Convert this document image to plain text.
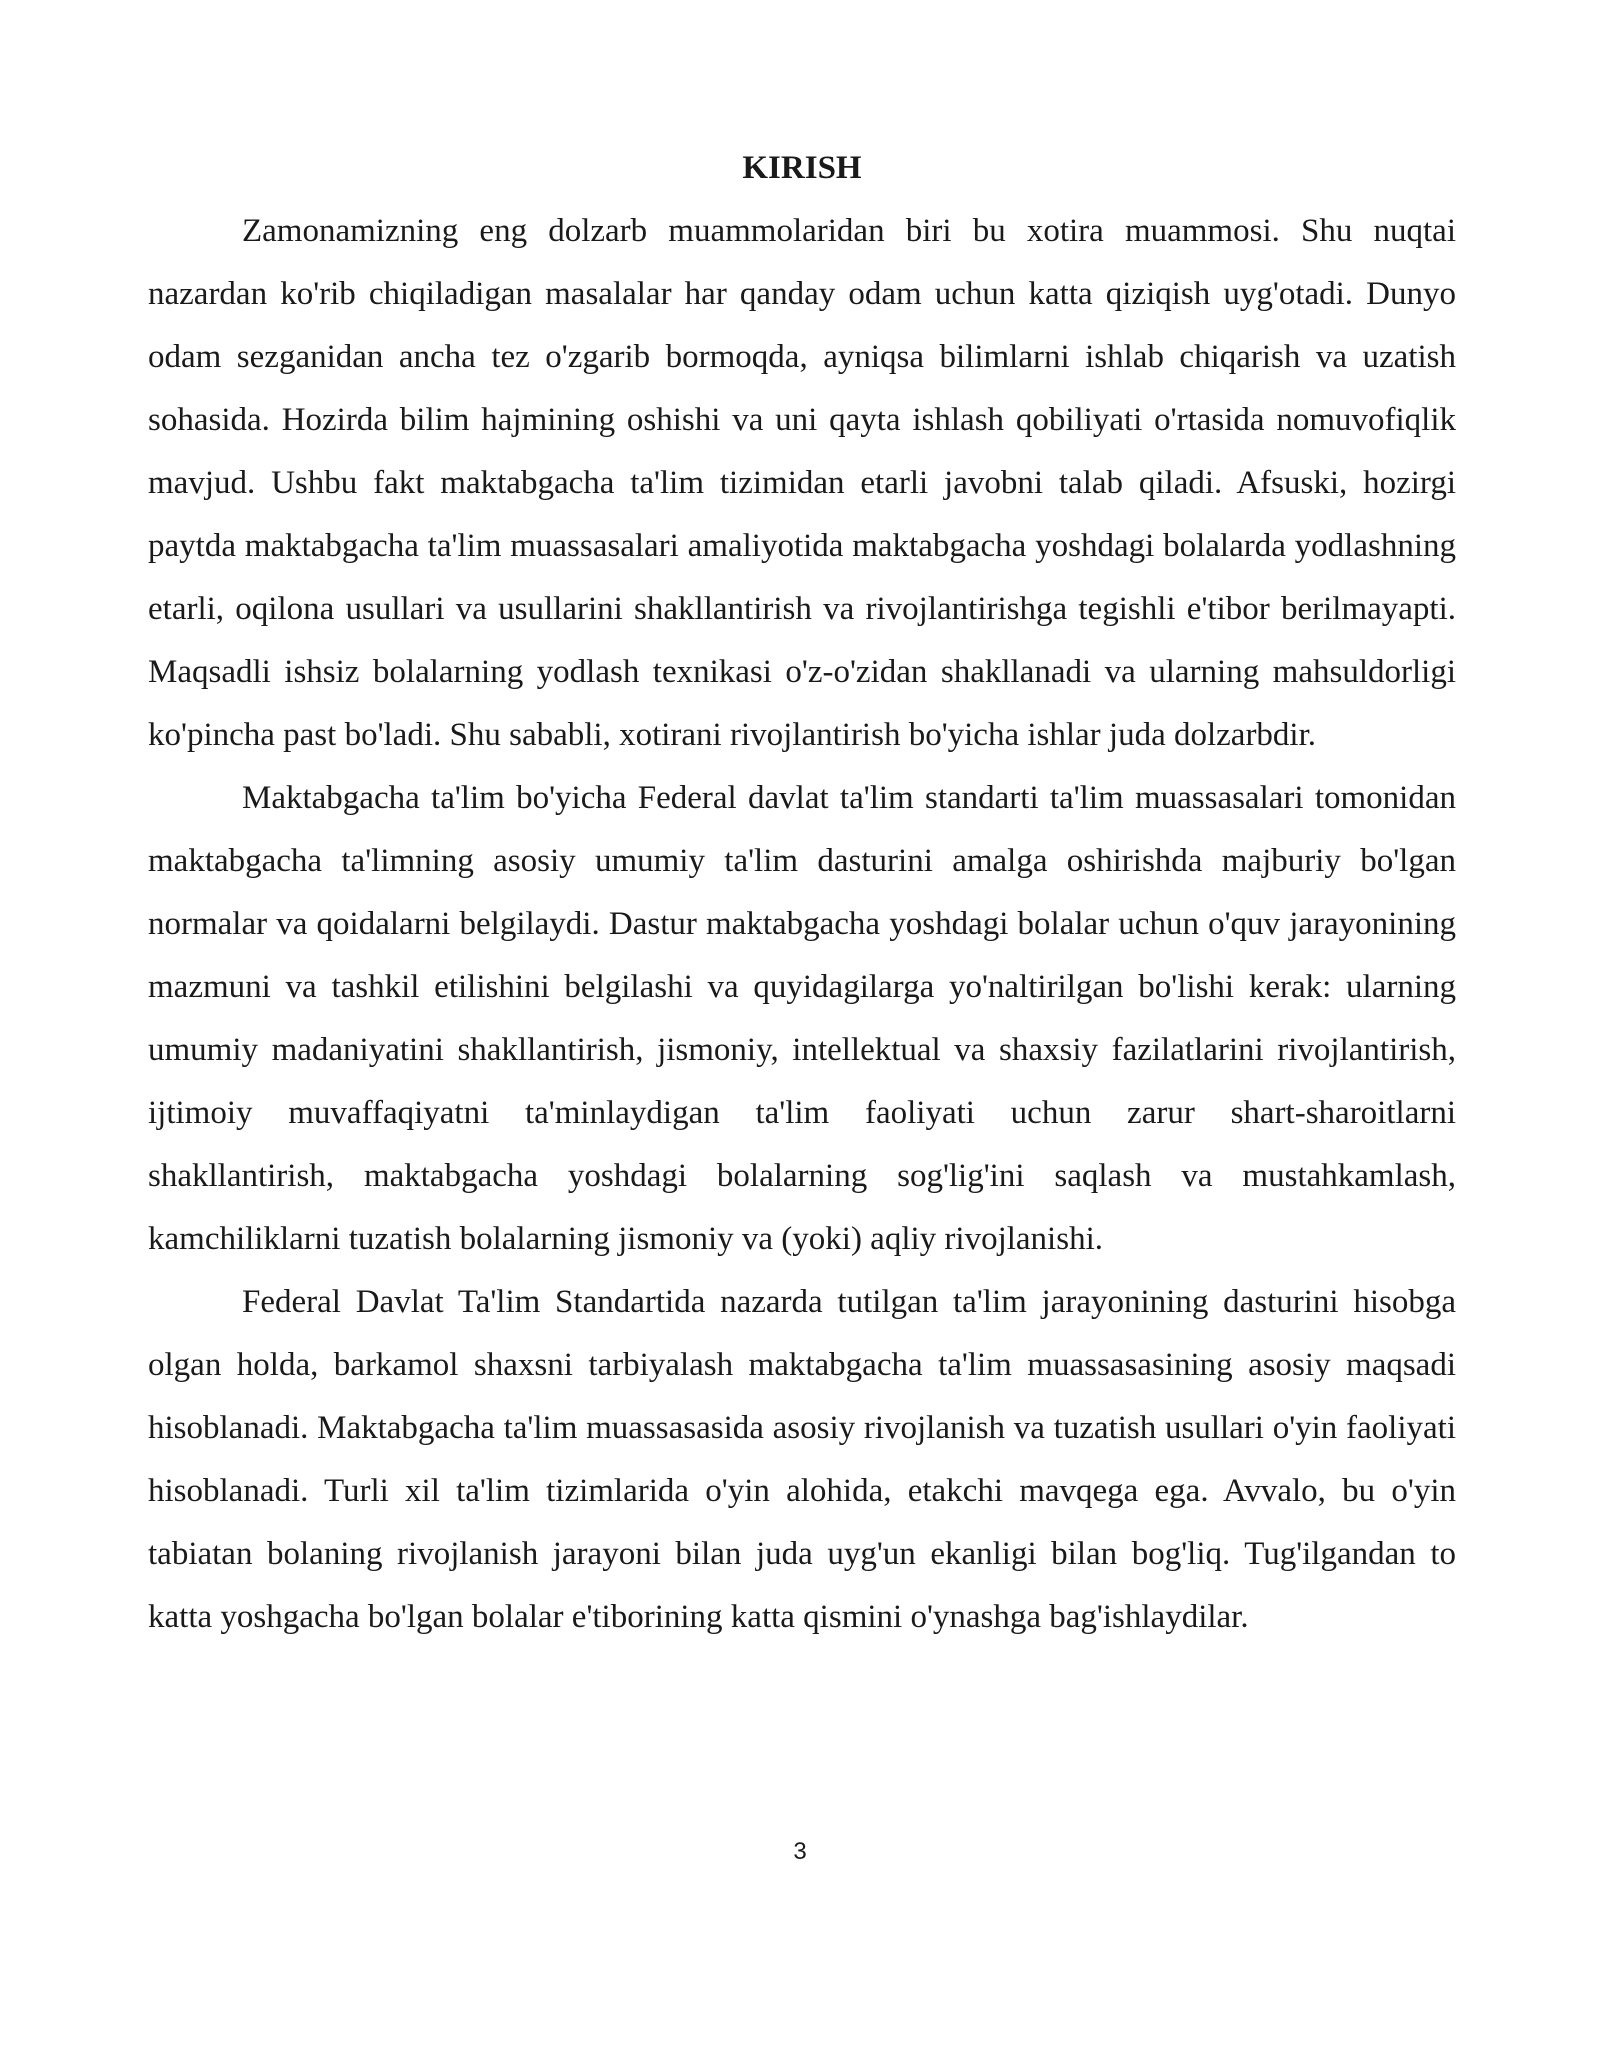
KIRISH

Zamonamizning eng dolzarb muammolaridan biri bu xotira muammosi. Shu nuqtai nazardan ko'rib chiqiladigan masalalar har qanday odam uchun katta qiziqish uyg'otadi. Dunyo odam sezganidan ancha tez o'zgarib bormoqda, ayniqsa bilimlarni ishlab chiqarish va uzatish sohasida. Hozirda bilim hajmining oshishi va uni qayta ishlash qobiliyati o'rtasida nomuvofiqlik mavjud. Ushbu fakt maktabgacha ta'lim tizimidan etarli javobni talab qiladi. Afsuski, hozirgi paytda maktabgacha ta'lim muassasalari amaliyotida maktabgacha yoshdagi bolalarda yodlashning etarli, oqilona usullari va usullarini shakllantirish va rivojlantirishga tegishli e'tibor berilmayapti. Maqsadli ishsiz bolalarning yodlash texnikasi o'z-o'zidan shakllanadi va ularning mahsuldorligi ko'pincha past bo'ladi. Shu sababli, xotirani rivojlantirish bo'yicha ishlar juda dolzarbdir.

Maktabgacha ta'lim bo'yicha Federal davlat ta'lim standarti ta'lim muassasalari tomonidan maktabgacha ta'limning asosiy umumiy ta'lim dasturini amalga oshirishda majburiy bo'lgan normalar va qoidalarni belgilaydi. Dastur maktabgacha yoshdagi bolalar uchun o'quv jarayonining mazmuni va tashkil etilishini belgilashi va quyidagilarga yo'naltirilgan bo'lishi kerak: ularning umumiy madaniyatini shakllantirish, jismoniy, intellektual va shaxsiy fazilatlarini rivojlantirish, ijtimoiy muvaffaqiyatni ta'minlaydigan ta'lim faoliyati uchun zarur shart-sharoitlarni shakllantirish, maktabgacha yoshdagi bolalarning sog'lig'ini saqlash va mustahkamlash, kamchiliklarni tuzatish bolalarning jismoniy va (yoki) aqliy rivojlanishi.

Federal Davlat Ta'lim Standartida nazarda tutilgan ta'lim jarayonining dasturini hisobga olgan holda, barkamol shaxsni tarbiyalash maktabgacha ta'lim muassasasining asosiy maqsadi hisoblanadi. Maktabgacha ta'lim muassasasida asosiy rivojlanish va tuzatish usullari o'yin faoliyati hisoblanadi. Turli xil ta'lim tizimlarida o'yin alohida, etakchi mavqega ega. Avvalo, bu o'yin tabiatan bolaning rivojlanish jarayoni bilan juda uyg'un ekanligi bilan bog'liq. Tug'ilgandan to katta yoshgacha bo'lgan bolalar e'tiborining katta qismini o'ynashga bag'ishlaydilar.

3
